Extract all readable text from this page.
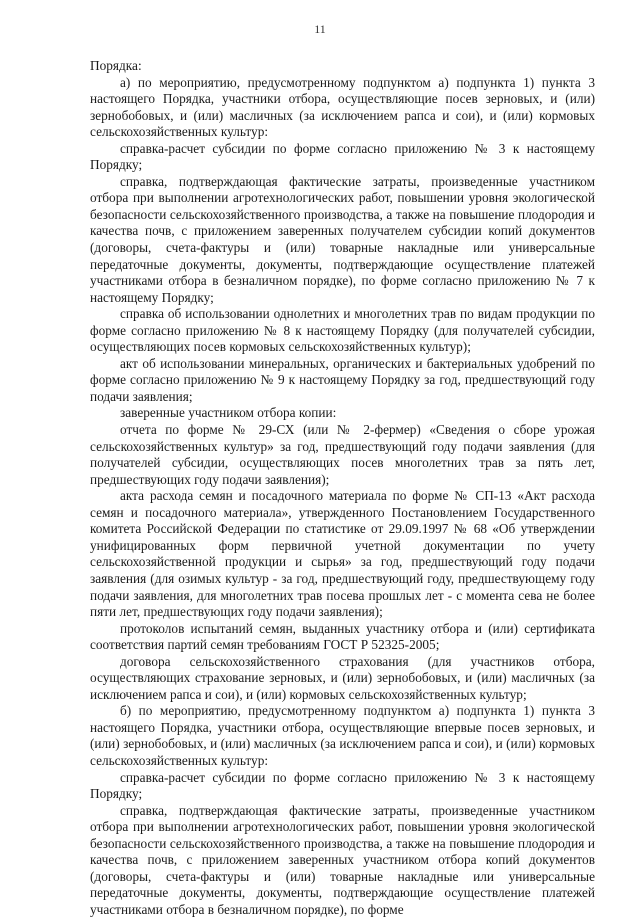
11

Порядка:

а) по мероприятию, предусмотренному подпунктом а) подпункта 1) пункта 3 настоящего Порядка, участники отбора, осуществляющие посев зерновых, и (или) зернобобовых, и (или) масличных (за исключением рапса и сои), и (или) кормовых сельскохозяйственных культур:

справка-расчет субсидии по форме согласно приложению № 3 к настоящему Порядку;

справка, подтверждающая фактические затраты, произведенные участником отбора при выполнении агротехнологических работ, повышении уровня экологической безопасности сельскохозяйственного производства, а также на повышение плодородия и качества почв, с приложением заверенных получателем субсидии копий документов (договоры, счета-фактуры и (или) товарные накладные или универсальные передаточные документы, документы, подтверждающие осуществление платежей участниками отбора в безналичном порядке), по форме согласно приложению № 7 к настоящему Порядку;

справка об использовании однолетних и многолетних трав по видам продукции по форме согласно приложению № 8 к настоящему Порядку (для получателей субсидии, осуществляющих посев кормовых сельскохозяйственных культур);

акт об использовании минеральных, органических и бактериальных удобрений по форме согласно приложению № 9 к настоящему Порядку за год, предшествующий году подачи заявления;

заверенные участником отбора копии:

отчета по форме № 29-СХ (или № 2-фермер) «Сведения о сборе урожая сельскохозяйственных культур» за год, предшествующий году подачи заявления (для получателей субсидии, осуществляющих посев многолетних трав за пять лет, предшествующих году подачи заявления);

акта расхода семян и посадочного материала по форме № СП-13 «Акт расхода семян и посадочного материала», утвержденного Постановлением Государственного комитета Российской Федерации по статистике от 29.09.1997 № 68 «Об утверждении унифицированных форм первичной учетной документации по учету сельскохозяйственной продукции и сырья» за год, предшествующий году подачи заявления (для озимых культур - за год, предшествующий году, предшествующему году подачи заявления, для многолетних трав посева прошлых лет - с момента сева не более пяти лет, предшествующих году подачи заявления);

протоколов испытаний семян, выданных участнику отбора и (или) сертификата соответствия партий семян требованиям ГОСТ Р 52325-2005;

договора сельскохозяйственного страхования (для участников отбора, осуществляющих страхование зерновых, и (или) зернобобовых, и (или) масличных (за исключением рапса и сои), и (или) кормовых сельскохозяйственных культур;

б) по мероприятию, предусмотренному подпунктом а) подпункта 1) пункта 3 настоящего Порядка, участники отбора, осуществляющие впервые посев зерновых, и (или) зернобобовых, и (или) масличных (за исключением рапса и сои), и (или) кормовых сельскохозяйственных культур:

справка-расчет субсидии по форме согласно приложению № 3 к настоящему Порядку;

справка, подтверждающая фактические затраты, произведенные участником отбора при выполнении агротехнологических работ, повышении уровня экологической безопасности сельскохозяйственного производства, а также на повышение плодородия и качества почв, с приложением заверенных участником отбора копий документов (договоры, счета-фактуры и (или) товарные накладные или универсальные передаточные документы, документы, подтверждающие осуществление платежей участниками отбора в безналичном порядке), по форме
